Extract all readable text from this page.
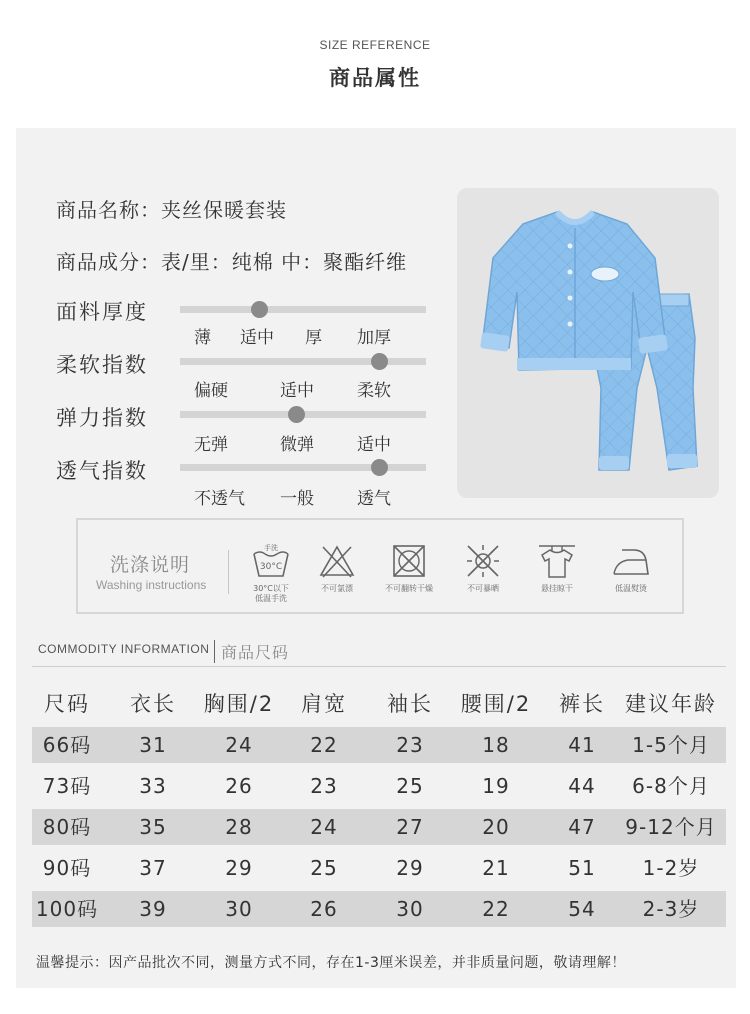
SIZE REFERENCE
商品属性
商品名称：夹丝保暖套装
商品成分：表/里：纯棉 中：聚酯纤维
面料厚度
薄 适中 厚 加厚
柔软指数
偏硬	适中	柔软
弹力指数
无弹	微弹	适中
透气指数
不透气 一般	透气
洗涤说明
Washing instructions
手洗
30°C
30°C以下
低温手洗
不可氯漂	不可翻转干燥	不可暴晒	悬挂晾干	低温熨烫
COMMODITY INFORMATION 商品尺码
尺码	衣长	胸围/2	肩宽	袖长	腰围/2	裤长 建议年龄
66码	31	24	22	23	18	41	1-5个月
73码	33	26	23	25	19	44	6-8个月
80码	35	28	24	27	20	47	9-12个月
90码	37	29	25	29	21	51	1-2岁
100码	39	30	26	30	22	54	2-3岁
温馨提示：因产品批次不同，测量方式不同，存在1-3厘米误差，并非质量问题，敬请理解！
